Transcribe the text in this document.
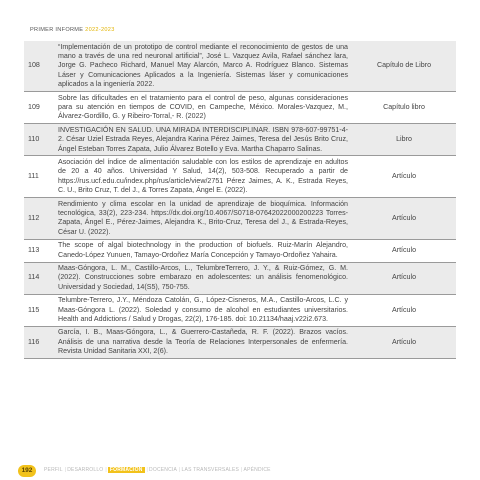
PRIMER INFORME 2022-2023
108	“Implementación de un prototipo de control mediante el reconocimiento de gestos de una mano a través de una red neuronal artificial”, José L. Vazquez Avila, Rafael sánchez lara, Jorge G. Pacheco Richard, Manuel May Alarcón, Marco A. Rodríguez Blanco. Sistemas Láser y Comunicaciones Aplicados a la Ingeniería. Sistemas láser y comunicaciones aplicados a la ingeniería 2022.	Capítulo de Libro
109	Sobre las dificultades en el tratamiento para el control de peso, algunas consideraciones para su atención en tiempos de COVID, en Campeche, México. Morales-Vazquez, M., Álvarez-Gordillo, G. y Ribeiro-Torral,- R. (2022)	Capítulo libro
110	INVESTIGACIÓN EN SALUD. UNA MIRADA INTERDISCIPLINAR. ISBN 978-607-99751-4-2. César Uziel Estrada Reyes, Alejandra Karina Pérez Jaimes, Teresa del Jesús Brito Cruz, Ángel Esteban Torres Zapata, Julio Álvarez Botello y Eva. Martha Chaparro Salinas.	Libro
111	Asociación del índice de alimentación saludable con los estilos de aprendizaje en adultos de 20 a 40 años. Universidad Y Salud, 14(2), 503-508. Recuperado a partir de https://rus.ucf.edu.cu/index.php/rus/article/view/2751 Pérez Jaimes, A. K., Estrada Reyes, C. U., Brito Cruz, T. del J., & Torres Zapata, Ángel E. (2022).	Artículo
112	Rendimiento y clima escolar en la unidad de aprendizaje de bioquímica. Información tecnológica, 33(2), 223-234. https://dx.doi.org/10.4067/S0718-07642022000200223 Torres-Zapata, Ángel E., Pérez-Jaimes, Alejandra K., Brito-Cruz, Teresa del J., & Estrada-Reyes, César U. (2022).	Artículo
113	The scope of algal biotechnology in the production of biofuels. Ruiz-Marín Alejandro, Canedo-López Yunuen, Tamayo-Ordoñez María Concepción y Tamayo-Ordoñez Yahaira.	Artículo
114	Maas-Góngora, L. M., Castillo-Arcos, L., TelumbreTerrero, J. Y., & Ruiz-Gómez, G. M. (2022). Construcciones sobre embarazo en adolescentes: un análisis fenomenológico. Universidad y Sociedad, 14(S5), 750-755.	Artículo
115	Telumbre-Terrero, J.Y., Méndoza Catolán, G., López-Cisneros, M.A., Castillo-Arcos, L.C. y Maas-Góngora L. (2022). Soledad y consumo de alcohol en estudiantes universitarios. Health and Addictions / Salud y Drogas, 22(2), 176-185. doi: 10.21134/haaj.v22i2.673.	Artículo
116	García, I. B., Maas-Góngora, L., & Guerrero-Castañeda, R. F. (2022). Brazos vacíos. Análisis de una narrativa desde la Teoría de Relaciones Interpersonales de enfermería. Revista Unidad Sanitaria XXI, 2(6).	Artículo
192	PERFIL |DESARROLLO | FORMACIÓN |DOCENCIA |LAS TRANSVERSALES |APÉNDICE
